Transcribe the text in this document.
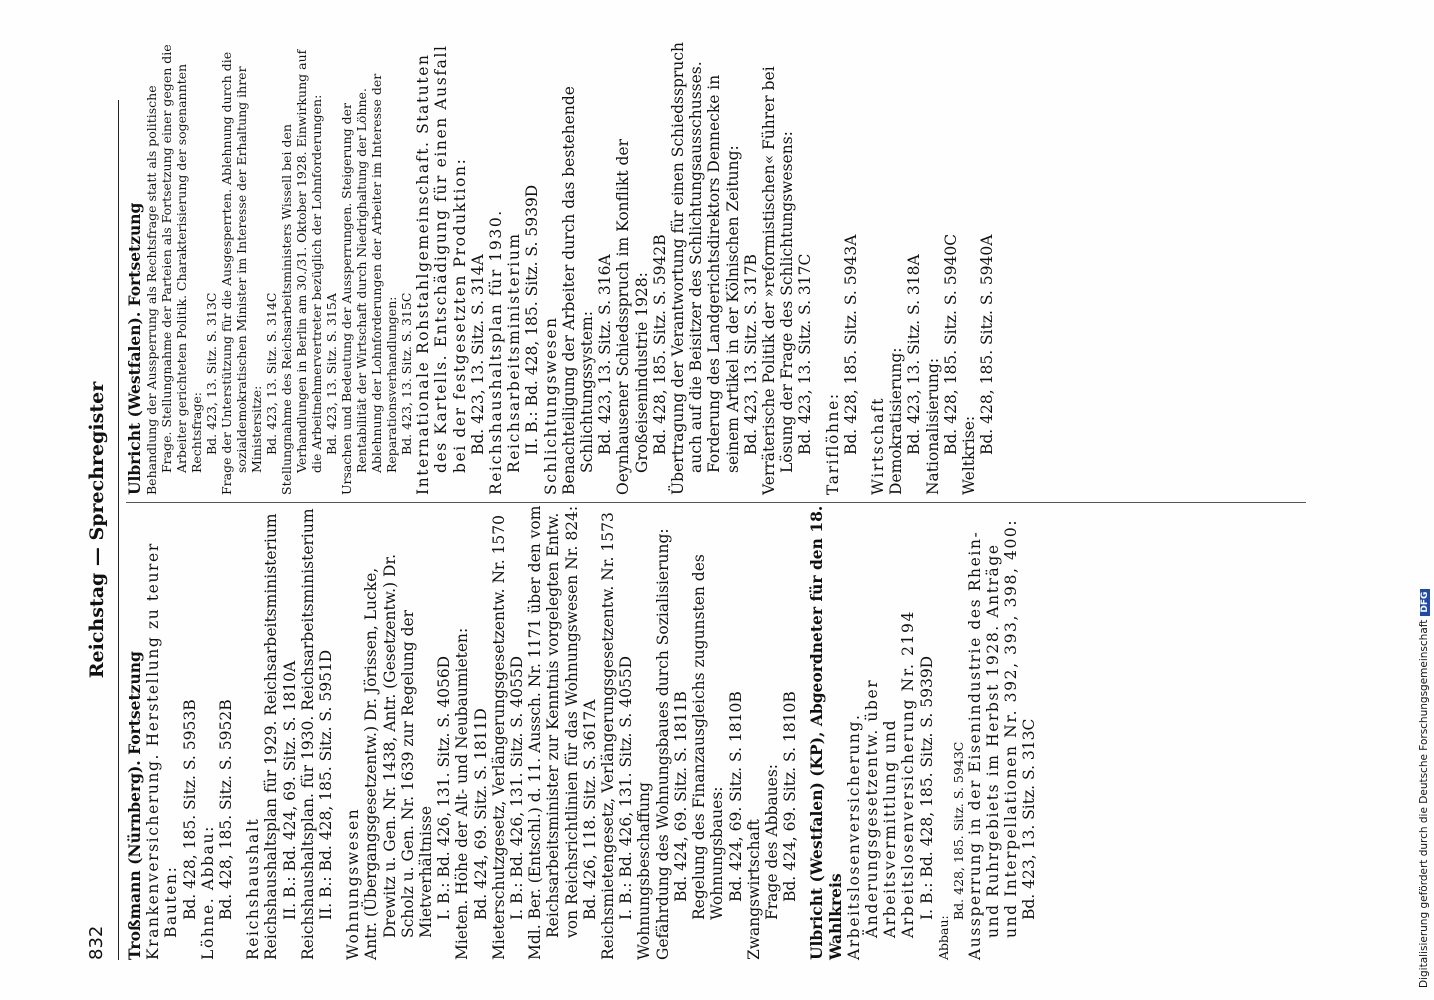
832
Reichstag — Sprechregister

Troßmann (Nürnberg). Fortsetzung Krankenversicherung. Herstellung zu teurer Bauten: Bd. 428, 185. Sitz. S. 5953B Löhne. Abbau: Bd. 428, 185. Sitz. S. 5952B Reichshaushalt Reichshaushaltsplan für 1929. Reichsarbeitsministerium II. B.: Bd. 424, 69. Sitz. S. 1810A Reichshaushaltsplan. für 1930. Reichsarbeitsministerium II. B.: Bd. 428, 185. Sitz. S. 5951D Wohnungswesen Antr. (Übergangsgesetzentw.) Dr. Jörissen, Lucke, Drewitz u. Gen. Nr. 1438, Antr. (Gesetzentw.) Dr. Scholz u. Gen. Nr. 1639 zur Regelung der Mietverhältnisse I. B.: Bd. 426, 131. Sitz. S. 4056D Mieten. Höhe der Alt- und Neubaumieten: Bd. 424, 69. Sitz. S. 1811D Mieterschutzgesetz, Verlängerungsgesetzentw. Nr. 1570 I. B.: Bd. 426, 131. Sitz. S. 4055D Mdl. Ber. (Entschl.) d. 11. Aussch. Nr. 1171 über den vom Reichsarbeitsminister zur Kenntnis vorgelegten Entw. von Reichsrichtlinien für das Wohnungswesen Nr. 824: Bd. 426, 118. Sitz. S. 3617A Reichsmietengesetz, Verlängerungsgesetzentw. Nr. 1573 I. B.: Bd. 426, 131. Sitz. S. 4055D Wohnungsbeschaffung Gefährdung des Wohnungsbaues durch Sozialisierung: Bd. 424, 69. Sitz. S. 1811B Regelung des Finanzausgleichs zugunsten des Wohnungsbaues: Bd. 424, 69. Sitz. S. 1810B Zwangswirtschaft Frage des Abbaues: Bd. 424, 69. Sitz. S. 1810B Ulbricht (Westfalen) (KP), Abgeordneter für den 18. Wahlkreis Arbeitslosenversicherung. Änderungsgesetzentw. über Arbeitsvermittlung und Arbeitslosenversicherung Nr. 2194 I. B.: Bd. 428, 185. Sitz. S. 5939D

Abbau:

Bd. 428, 185. Sitz. S. 5943C Aussperrung in der Eisenindustrie des Rhein- und Ruhrgebiets im Herbst 1928. Anträge und Interpellationen Nr. 392, 393, 398, 400: Bd. 423, 13. Sitz. S. 313C

Ulbricht (Westfalen). Fortsetzung Behandlung der Aussperrung als Rechtsfrage statt als politische Frage. Stellungnahme der Parteien als Fortsetzung einer gegen die Arbeiter gerichteten Politik. Charakterisierung der sogenannten Rechtsfrage: Bd. 423, 13. Sitz. S. 313C Frage der Unterstützung für die Ausgesperrten. Ablehnung durch die sozialdemokratischen Minister im Interesse der Erhaltung ihrer Ministersitze: Bd. 423, 13. Sitz. S. 314C Stellungnahme des Reichsarbeitsministers Wissell bei den Verhandlungen in Berlin am 30./31. Oktober 1928. Einwirkung auf die Arbeitnehmervertreter bezüglich der Lohnforderungen: Bd. 423, 13. Sitz. S. 315A Ursachen und Bedeutung der Aussperrungen. Steigerung der Rentabilität der Wirtschaft durch Niedrighaltung der Löhne. Ablehnung der Lohnforderungen der Arbeiter im Interesse der Reparationsverhandlungen: Bd. 423, 13. Sitz. S. 315C Internationale Rohstahlgemeinschaft. Statuten des Kartells. Entschädigung für einen Ausfall bei der festgesetzten Produktion: Bd. 423, 13. Sitz. S. 314A Reichshaushaltsplan für 1930. Reichsarbeitsministerium II. B.: Bd. 428, 185. Sitz. S. 5939D Schlichtungswesen Benachteiligung der Arbeiter durch das bestehende Schlichtungssystem: Bd. 423, 13. Sitz. S. 316A Oeynhausener Schiedsspruch im Konflikt der Großeisenindustrie 1928: Bd. 428, 185. Sitz. S. 5942B Übertragung der Verantwortung für einen Schiedsspruch auch auf die Beisitzer des Schlichtungsausschusses. Forderung des Landgerichtsdirektors Dennecke in seinem Artikel in der Kölnischen Zeitung: Bd. 423, 13. Sitz. S. 317B Verräterische Politik der »reformistischen« Führer bei Lösung der Frage des Schlichtungswesens: Bd. 423, 13. Sitz. S. 317C Tariflöhne: Bd. 428, 185. Sitz. S. 5943A Wirtschaft Demokratisierung: Bd. 423, 13. Sitz. S. 318A Nationalisierung: Bd. 428, 185. Sitz. S. 5940C

Weltkrise:

Bd. 428, 185. Sitz. S. 5940A

Digitalisierung gefördert durch die Deutsche ForschungsgemeinschaftDFG
